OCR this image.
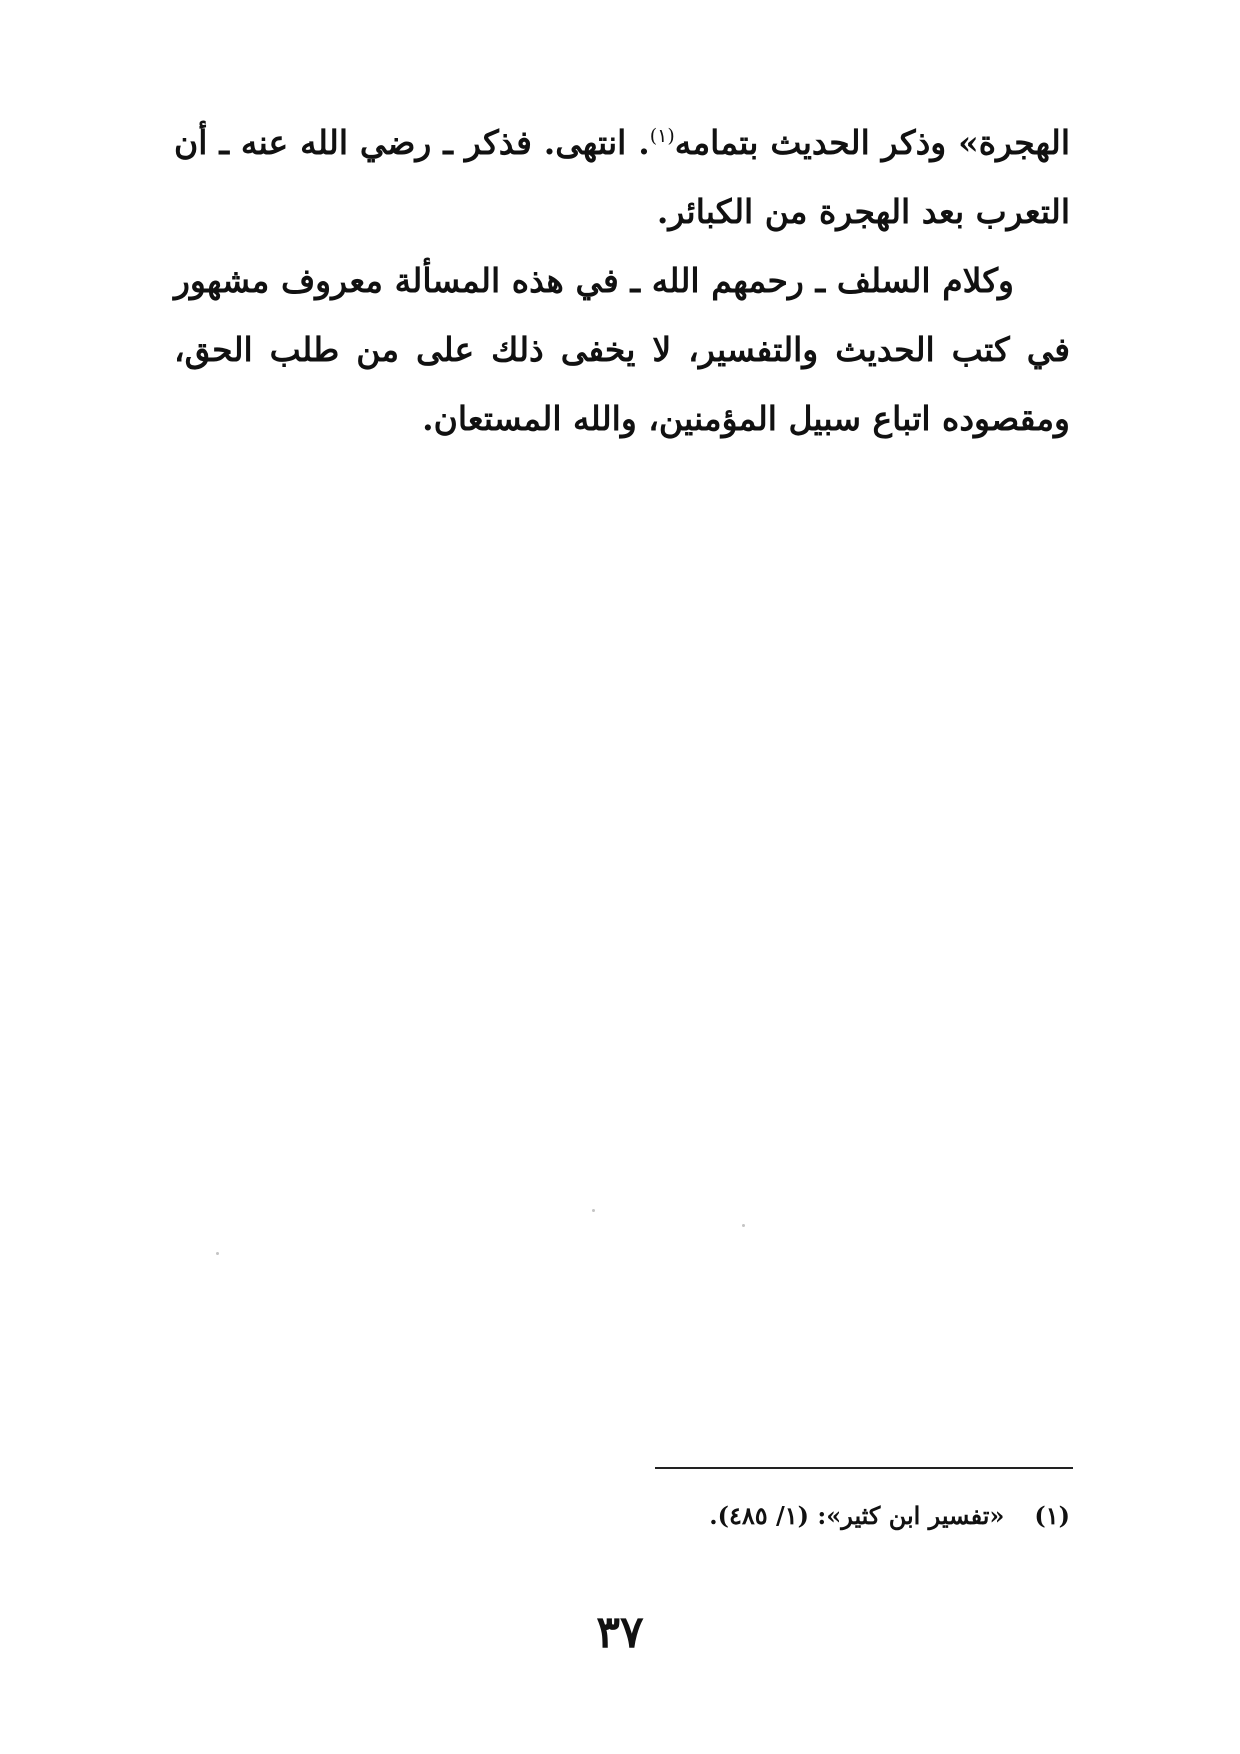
الهجرة» وذكر الحديث بتمامه$^{(١)}$. انتهى. فذكر ـ رضي الله عنه ـ أن التعرب بعد الهجرة من الكبائر.

وكلام السلف ـ رحمهم الله ـ في هذه المسألة معروف مشهور في كتب الحديث والتفسير، لا يخفى ذلك على من طلب الحق، ومقصوده اتباع سبيل المؤمنين، والله المستعان.

(١)«تفسير ابن كثير»: (١/ ٤٨٥).
٣٧
